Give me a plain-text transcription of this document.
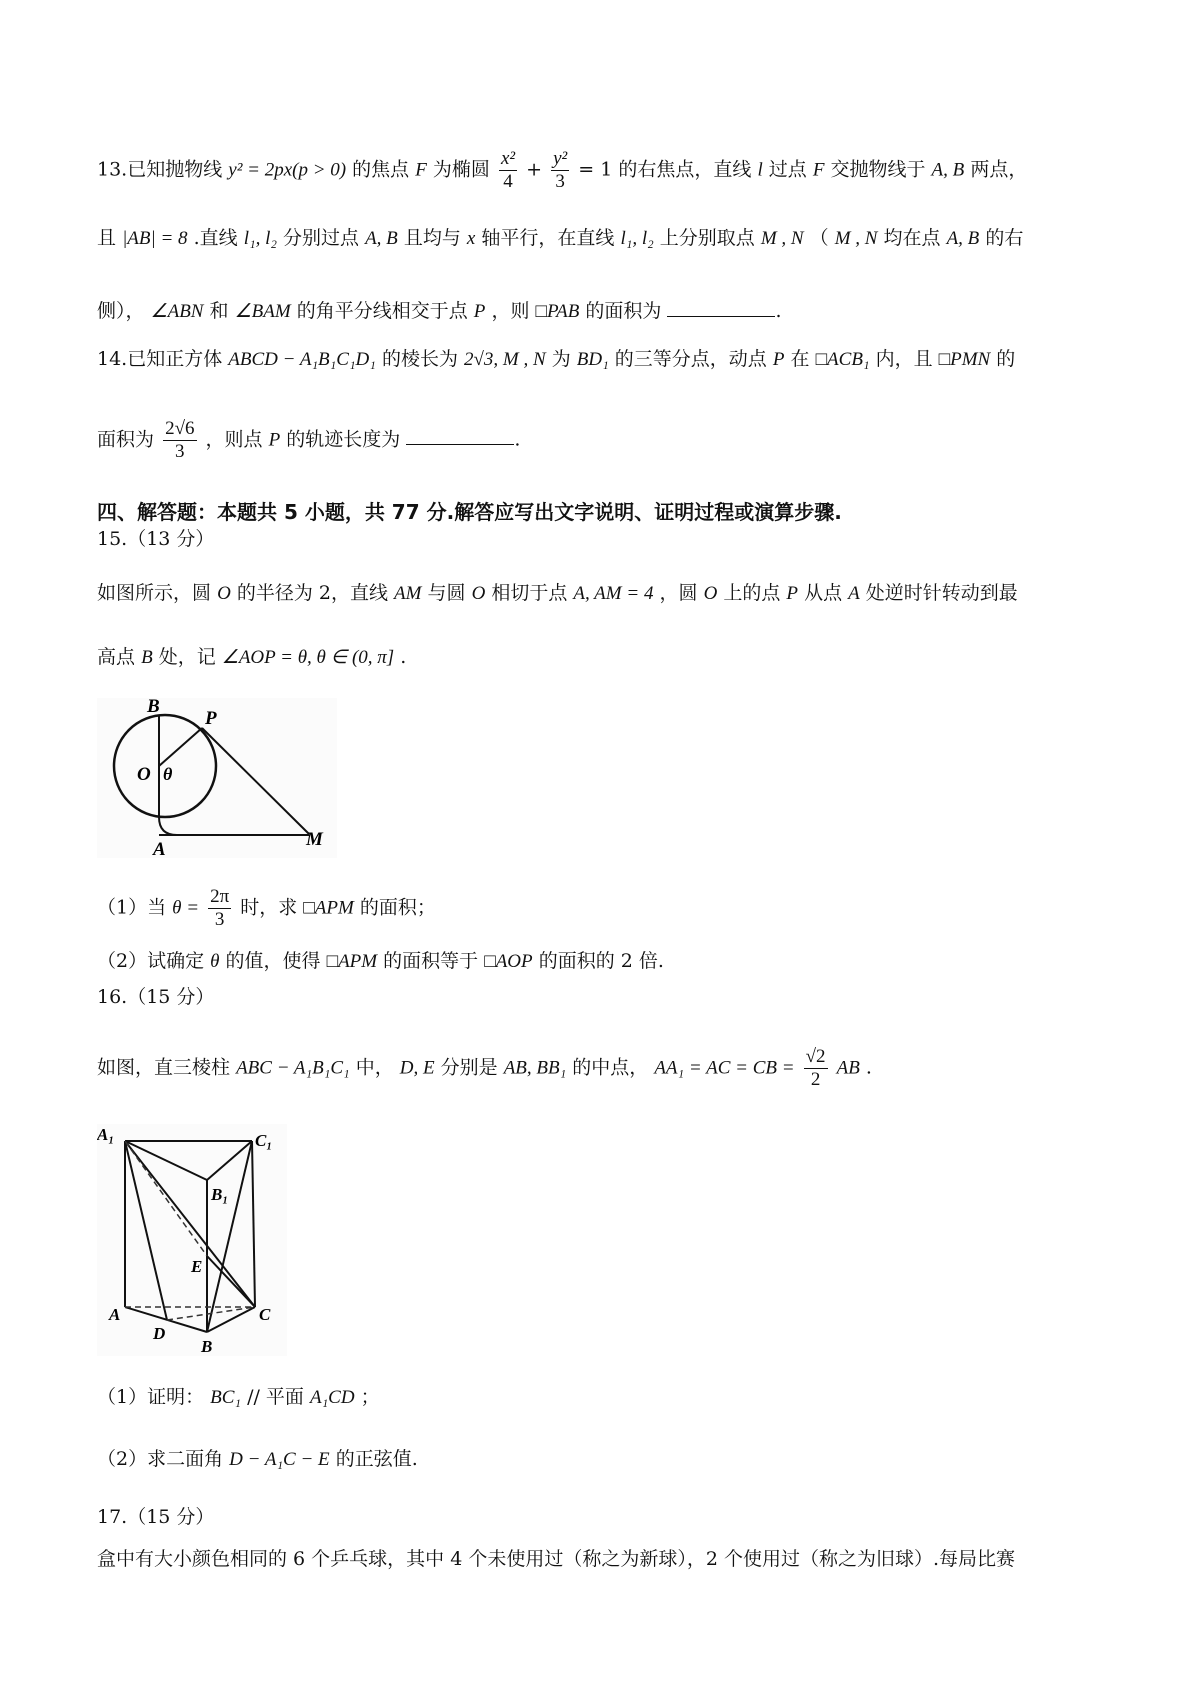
13.已知抛物线 y² = 2px(p > 0) 的焦点 F 为椭圆 $\frac{\text{x²}}{4} + \frac{\text{y²}}{3} = 1$ 的右焦点，直线 l 过点 F 交抛物线于 A, B 两点，
且 |AB| = 8 .直线 l₁, l₂ 分别过点 A, B 且均与 x 轴平行，在直线 l₁, l₂ 上分别取点 M , N （ M , N 均在点 A, B 的右
侧）， ∠ABN 和 ∠BAM 的角平分线相交于点 P ，则 □PAB 的面积为	.
14.已知正方体 ABCD − A₁B₁C₁D₁ 的棱长为 2√3, M , N 为 BD₁ 的三等分点，动点 P 在 □ACB₁ 内，且 □PMN 的
面积为 $\frac{2√6}{3}$ ，则点 P 的轨迹长度为	.
四、解答题：本题共 5 小题，共 77 分.解答应写出文字说明、证明过程或演算步骤.
15.（13 分）
如图所示，圆 O 的半径为 2，直线 AM 与圆 O 相切于点 A, AM = 4 ，圆 O 上的点 P 从点 A 处逆时针转动到最
高点 B 处，记 ∠AOP = θ, θ ∈ (0, π] .
B
P
O θ
A	M
（1）当 $\theta = \frac{2\pi}{3}$ 时，求 □APM 的面积；
（2）试确定 θ 的值，使得 □APM 的面积等于 □AOP 的面积的 2 倍.
16.（15 分）
如图，直三棱柱 ABC − A₁B₁C₁ 中， D, E 分别是 AB, BB₁ 的中点， AA₁ = AC = CB = $\frac{√2}{2}$ AB .
A₁	C₁
B₁
E
A	C
D
B
（1）证明： BC₁ // 平面 A₁CD ；
（2）求二面角 D − A₁C − E 的正弦值.
17.（15 分）
盒中有大小颜色相同的 6 个乒乓球，其中 4 个未使用过（称之为新球），2 个使用过（称之为旧球）.每局比赛
